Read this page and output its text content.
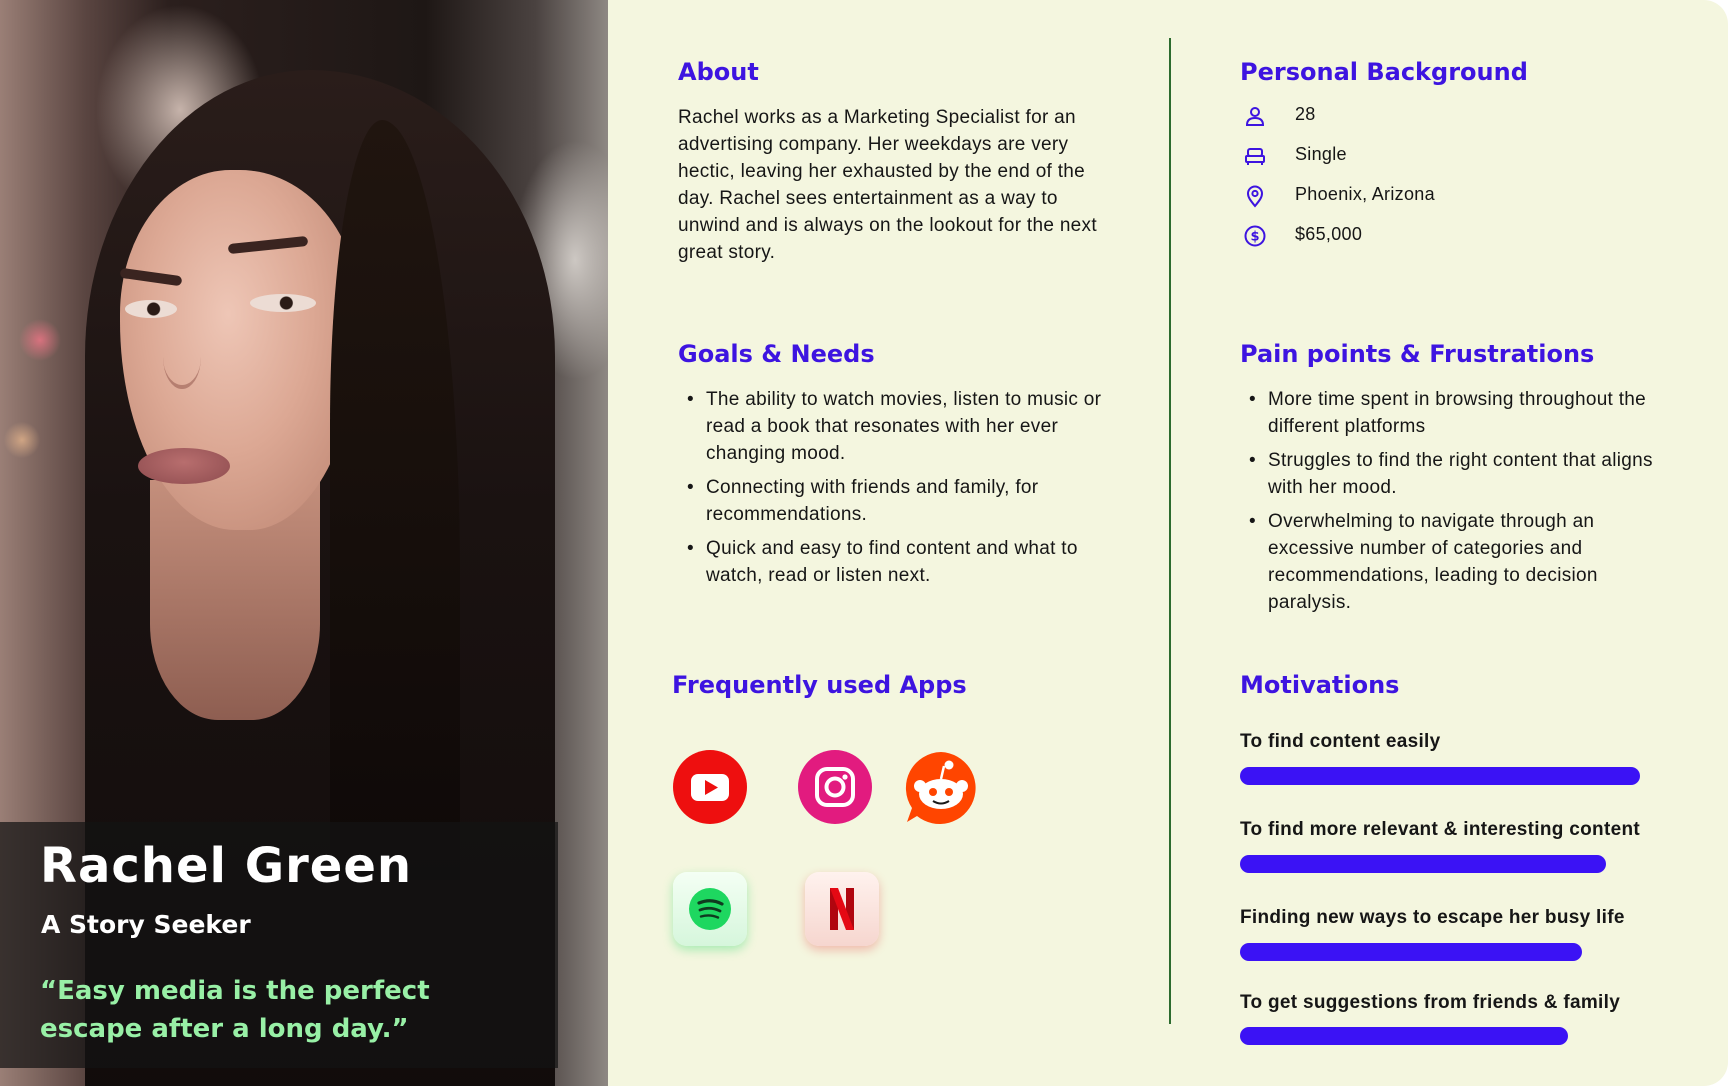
Rachel Green

A Story Seeker

“Easy media is the perfect escape after a long day.”

About

Rachel works as a Marketing Specialist for an advertising company. Her weekdays are very hectic, leaving her exhausted by the end of the day. Rachel sees entertainment as a way to unwind and is always on the lookout for the next great story.

Goals & Needs
• The ability to watch movies, listen to music or read a book that resonates with her ever changing mood.
• Connecting with friends and family, for recommendations.
• Quick and easy to find content and what to watch, read or listen next.
Frequently used Apps
Personal Background

28

Single

Phoenix, Arizona

$ $65,000

Pain points & Frustrations
• More time spent in browsing throughout the different platforms
• Struggles to find the right content that aligns with her mood.
• Overwhelming to navigate through an excessive number of categories and recommendations, leading to decision paralysis.
Motivations

To find content easily

To find more relevant & interesting content

Finding new ways to escape her busy life

To get suggestions from friends & family
